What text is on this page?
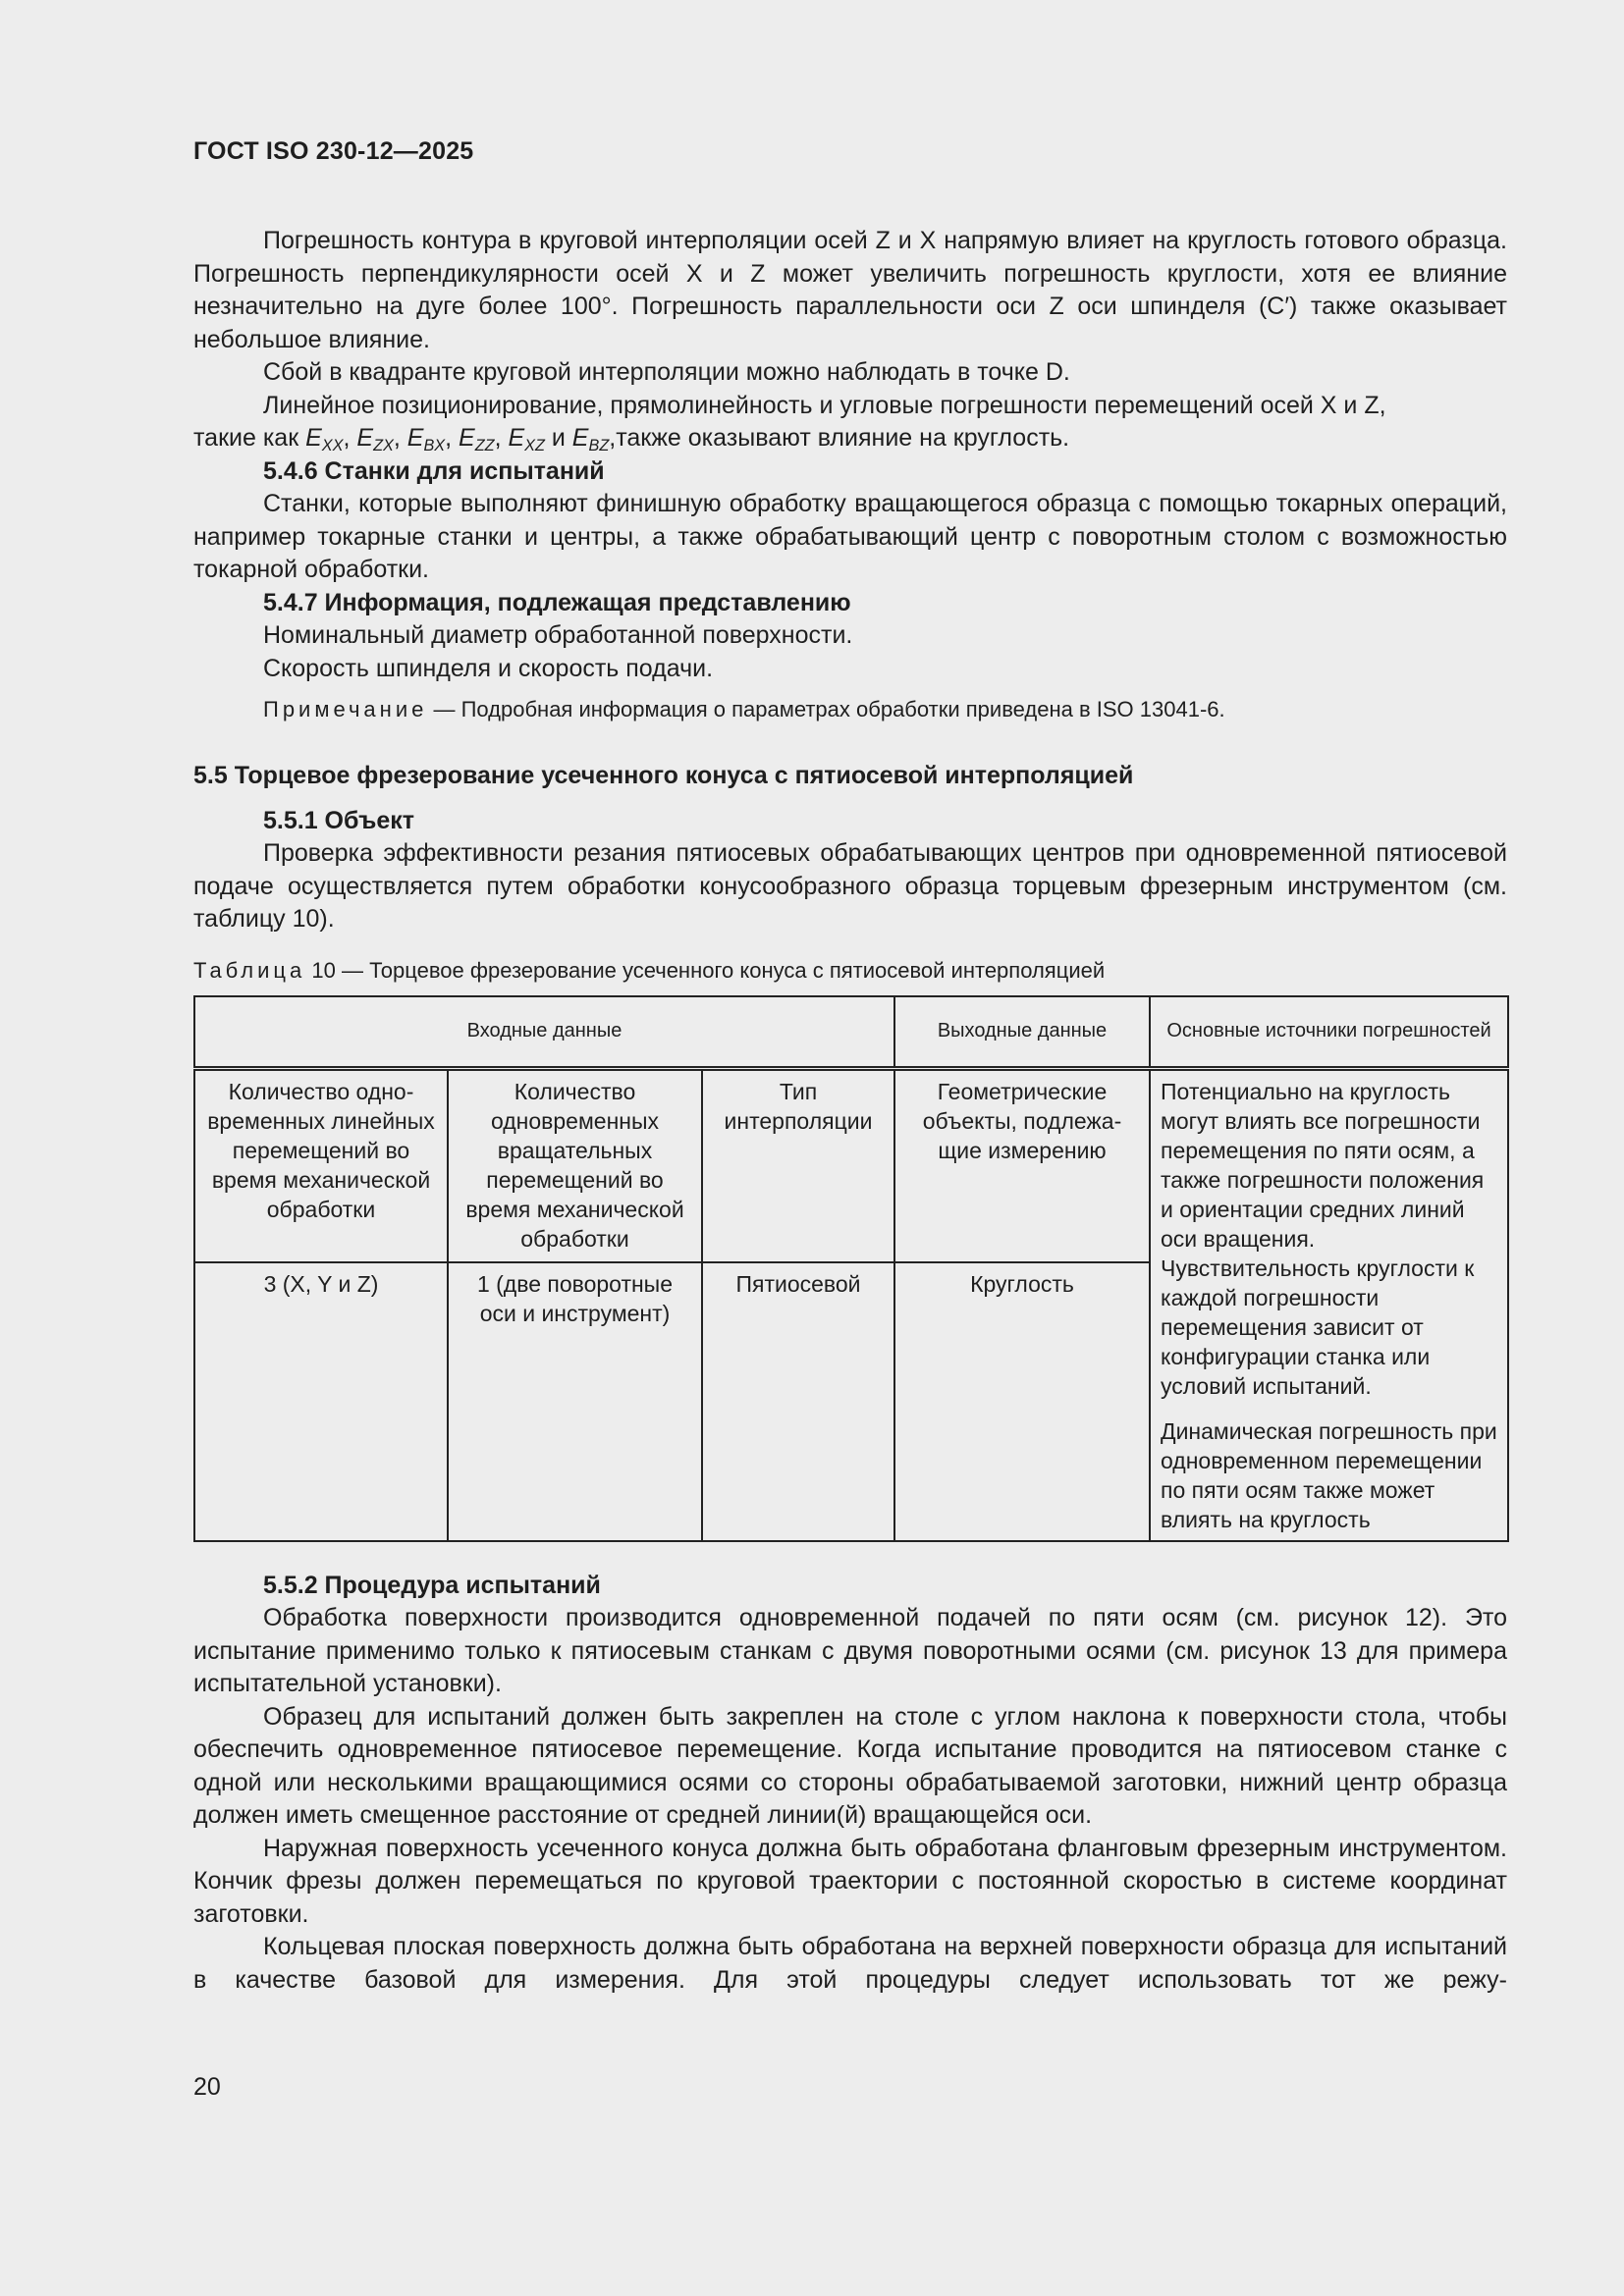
ГОСТ ISO 230-12—2025

Погрешность контура в круговой интерполяции осей Z и X напрямую влияет на круглость готового образца. Погрешность перпендикулярности осей X и Z может увеличить погрешность круглости, хотя ее влияние незначительно на дуге более 100°. Погрешность параллельности оси Z оси шпинделя (C′) также оказывает небольшое влияние.

Сбой в квадранте круговой интерполяции можно наблюдать в точке D.

Линейное позиционирование, прямолинейность и угловые погрешности перемещений осей X и Z,
такие как $E_{XX}$, $E_{ZX}$, $E_{BX}$, $E_{ZZ}$, $E_{XZ}$ и $E_{BZ},также$ оказывают влияние на круглость.

5.4.6 Станки для испытаний

Станки, которые выполняют финишную обработку вращающегося образца с помощью токарных операций, например токарные станки и центры, а также обрабатывающий центр с поворотным столом с возможностью токарной обработки.

5.4.7 Информация, подлежащая представлению

Номинальный диаметр обработанной поверхности.

Скорость шпинделя и скорость подачи.

Примечание — Подробная информация о параметрах обработки приведена в ISO 13041-6.
5.5 Торцевое фрезерование усеченного конуса с пятиосевой интерполяцией
5.5.1 Объект

Проверка эффективности резания пятиосевых обрабатывающих центров при одновременной пятиосевой подаче осуществляется путем обработки конусообразного образца торцевым фрезерным инструментом (см. таблицу 10).

Таблица 10 — Торцевое фрезерование усеченного конуса с пятиосевой интерполяцией
Входные данные			Выходные данные	Основные источники погрешностей
Количество одновременных линейных перемещений во время механической обработки	Количество одновременных вращательных перемещений во время механической обработки	Тип интерполяции	Геометрические объекты, подлежащие измерению	Потенциально на круглость могут влиять все погрешности перемещения по пяти осям, а также погрешности положения и ориентации средних линий оси вращения. Чувствительность круглости к каждой погрешности перемещения зависит от конфигурации станка или условий испытаний.
Динамическая погрешность при одновременном перемещении по пяти осям также может влиять на круглость

3 (X, Y и Z)	1 (две поворотные оси и инструмент)	Пятиосевой	Круглость	
5.5.2 Процедура испытаний

Обработка поверхности производится одновременной подачей по пяти осям (см. рисунок 12). Это испытание применимо только к пятиосевым станкам с двумя поворотными осями (см. рисунок 13 для примера испытательной установки).

Образец для испытаний должен быть закреплен на столе с углом наклона к поверхности стола, чтобы обеспечить одновременное пятиосевое перемещение. Когда испытание проводится на пятиосевом станке с одной или несколькими вращающимися осями со стороны обрабатываемой заготовки, нижний центр образца должен иметь смещенное расстояние от средней линии(й) вращающейся оси.

Наружная поверхность усеченного конуса должна быть обработана фланговым фрезерным инструментом. Кончик фрезы должен перемещаться по круговой траектории с постоянной скоростью в системе координат заготовки.

Кольцевая плоская поверхность должна быть обработана на верхней поверхности образца для испытаний в качестве базовой для измерения. Для этой процедуры следует использовать тот же режу-

20
